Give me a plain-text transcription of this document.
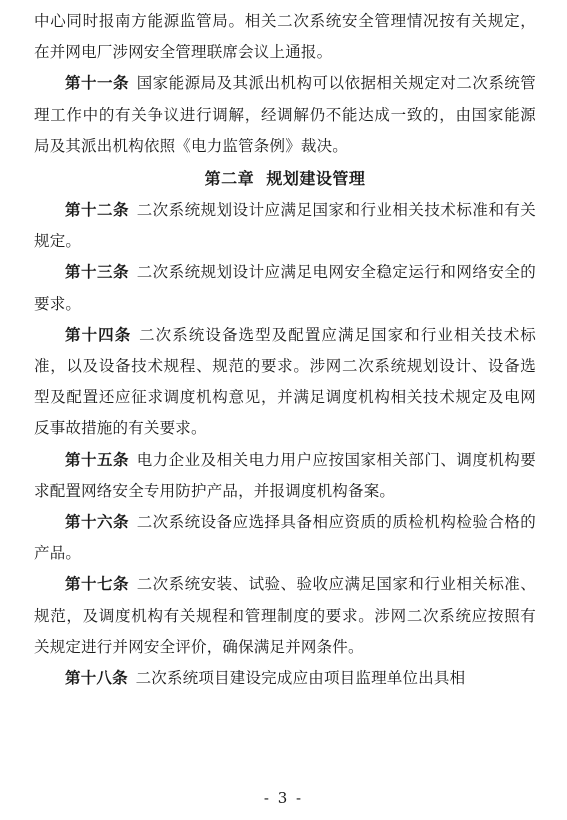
中心同时报南方能源监管局。相关二次系统安全管理情况按有关规定，在并网电厂涉网安全管理联席会议上通报。

第十一条 国家能源局及其派出机构可以依据相关规定对二次系统管理工作中的有关争议进行调解，经调解仍不能达成一致的，由国家能源局及其派出机构依照《电力监管条例》裁决。

第二章  规划建设管理

第十二条 二次系统规划设计应满足国家和行业相关技术标准和有关规定。

第十三条 二次系统规划设计应满足电网安全稳定运行和网络安全的要求。

第十四条 二次系统设备选型及配置应满足国家和行业相关技术标准，以及设备技术规程、规范的要求。涉网二次系统规划设计、设备选型及配置还应征求调度机构意见，并满足调度机构相关技术规定及电网反事故措施的有关要求。

第十五条 电力企业及相关电力用户应按国家相关部门、调度机构要求配置网络安全专用防护产品，并报调度机构备案。

第十六条 二次系统设备应选择具备相应资质的质检机构检验合格的产品。

第十七条 二次系统安装、试验、验收应满足国家和行业相关标准、规范，及调度机构有关规程和管理制度的要求。涉网二次系统应按照有关规定进行并网安全评价，确保满足并网条件。

第十八条 二次系统项目建设完成应由项目监理单位出具相

- 3 -
